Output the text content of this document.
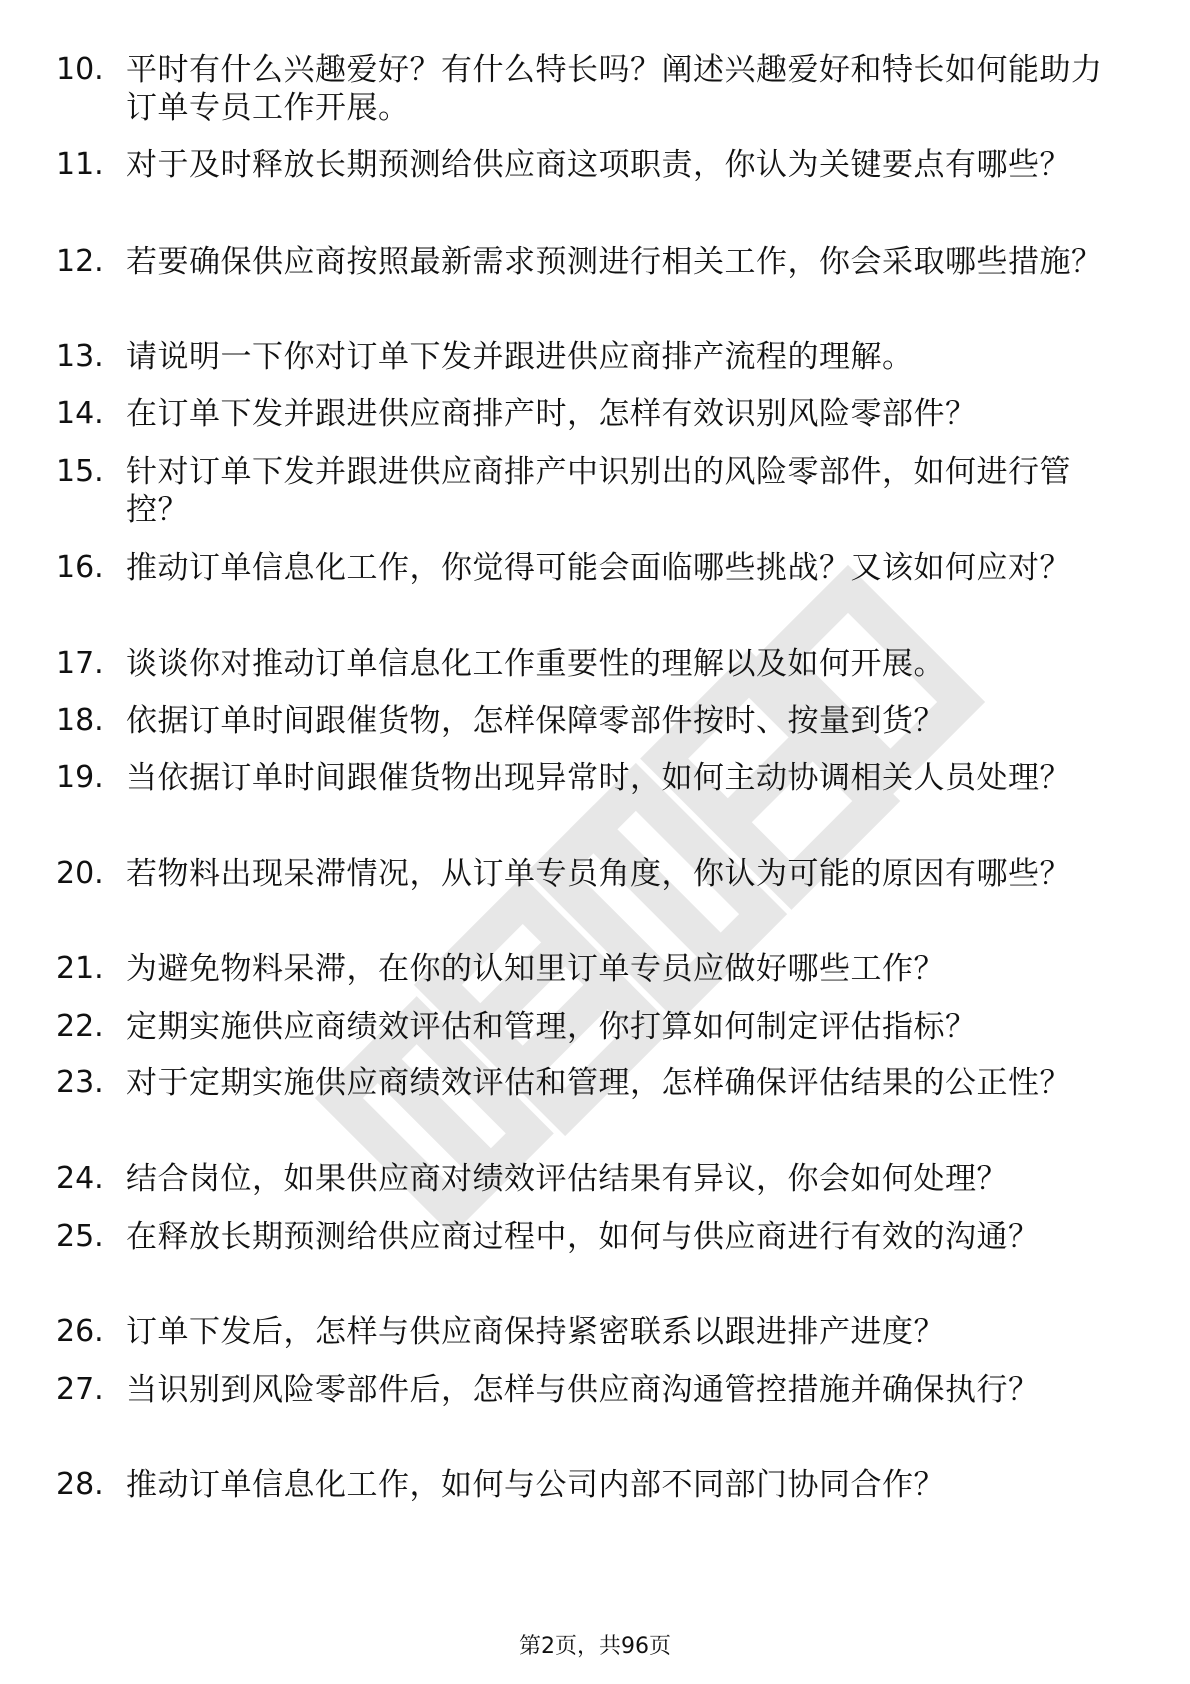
10. 平时有什么兴趣爱好？有什么特长吗？阐述兴趣爱好和特长如何能助力订单专员工作开展。
11. 对于及时释放长期预测给供应商这项职责，你认为关键要点有哪些？
12. 若要确保供应商按照最新需求预测进行相关工作，你会采取哪些措施？
13. 请说明一下你对订单下发并跟进供应商排产流程的理解。
14. 在订单下发并跟进供应商排产时，怎样有效识别风险零部件？
15. 针对订单下发并跟进供应商排产中识别出的风险零部件，如何进行管控？
16. 推动订单信息化工作，你觉得可能会面临哪些挑战？又该如何应对？
17. 谈谈你对推动订单信息化工作重要性的理解以及如何开展。
18. 依据订单时间跟催货物，怎样保障零部件按时、按量到货？
19. 当依据订单时间跟催货物出现异常时，如何主动协调相关人员处理？
20. 若物料出现呆滞情况，从订单专员角度，你认为可能的原因有哪些？
21. 为避免物料呆滞，在你的认知里订单专员应做好哪些工作？
22. 定期实施供应商绩效评估和管理，你打算如何制定评估指标？
23. 对于定期实施供应商绩效评估和管理，怎样确保评估结果的公正性？
24. 结合岗位，如果供应商对绩效评估结果有异议，你会如何处理？
25. 在释放长期预测给供应商过程中，如何与供应商进行有效的沟通？
26. 订单下发后，怎样与供应商保持紧密联系以跟进排产进度？
27. 当识别到风险零部件后，怎样与供应商沟通管控措施并确保执行？
28. 推动订单信息化工作，如何与公司内部不同部门协同合作？
第2页，共96页
